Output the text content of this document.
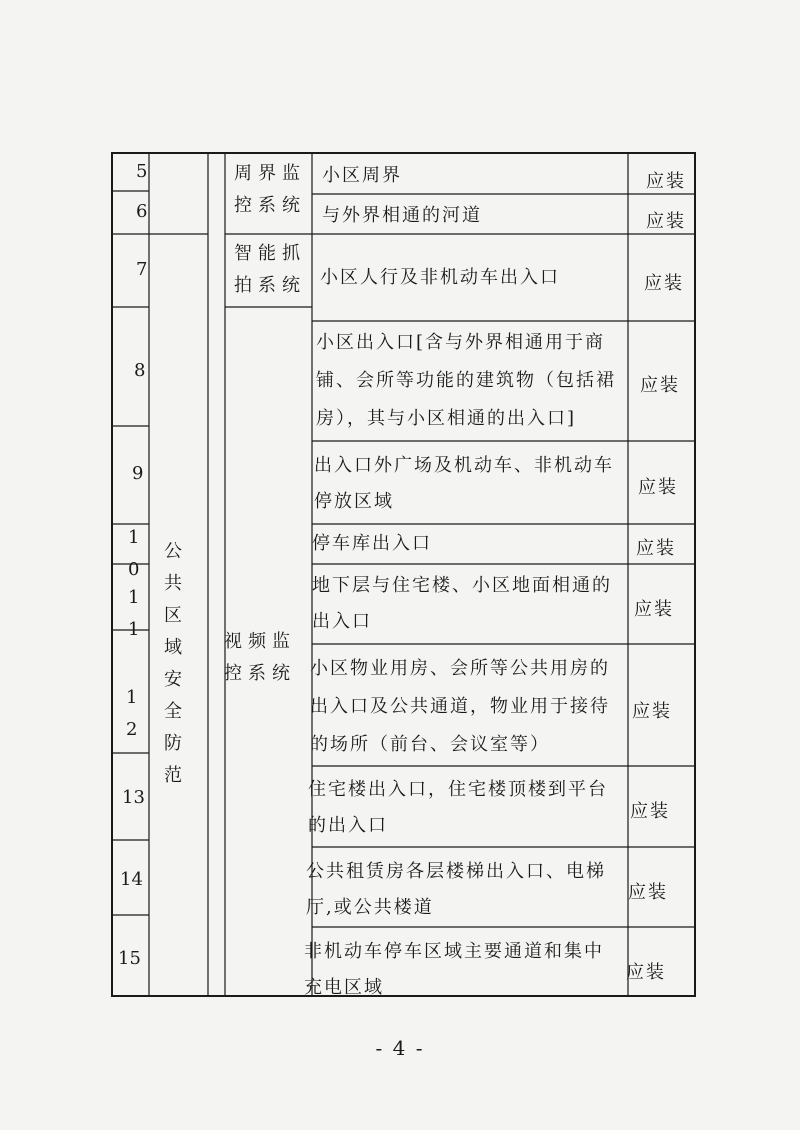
5
6
7
8
9
10
11
12
13
14
15
公共区域安全防范
周界监控系统
智能抓拍系统
视频监控系统
小区周界
与外界相通的河道
小区人行及非机动车出入口
小区出入口[含与外界相通用于商铺、会所等功能的建筑物（包括裙房），其与小区相通的出入口]
出入口外广场及机动车、非机动车停放区域
停车库出入口
地下层与住宅楼、小区地面相通的出入口
小区物业用房、会所等公共用房的出入口及公共通道，物业用于接待的场所（前台、会议室等）
住宅楼出入口，住宅楼顶楼到平台的出入口
公共租赁房各层楼梯出入口、电梯厅,或公共楼道
非机动车停车区域主要通道和集中充电区域
应装
应装
应装
应装
应装
应装
应装
应装
应装
应装
应装
- 4 -
